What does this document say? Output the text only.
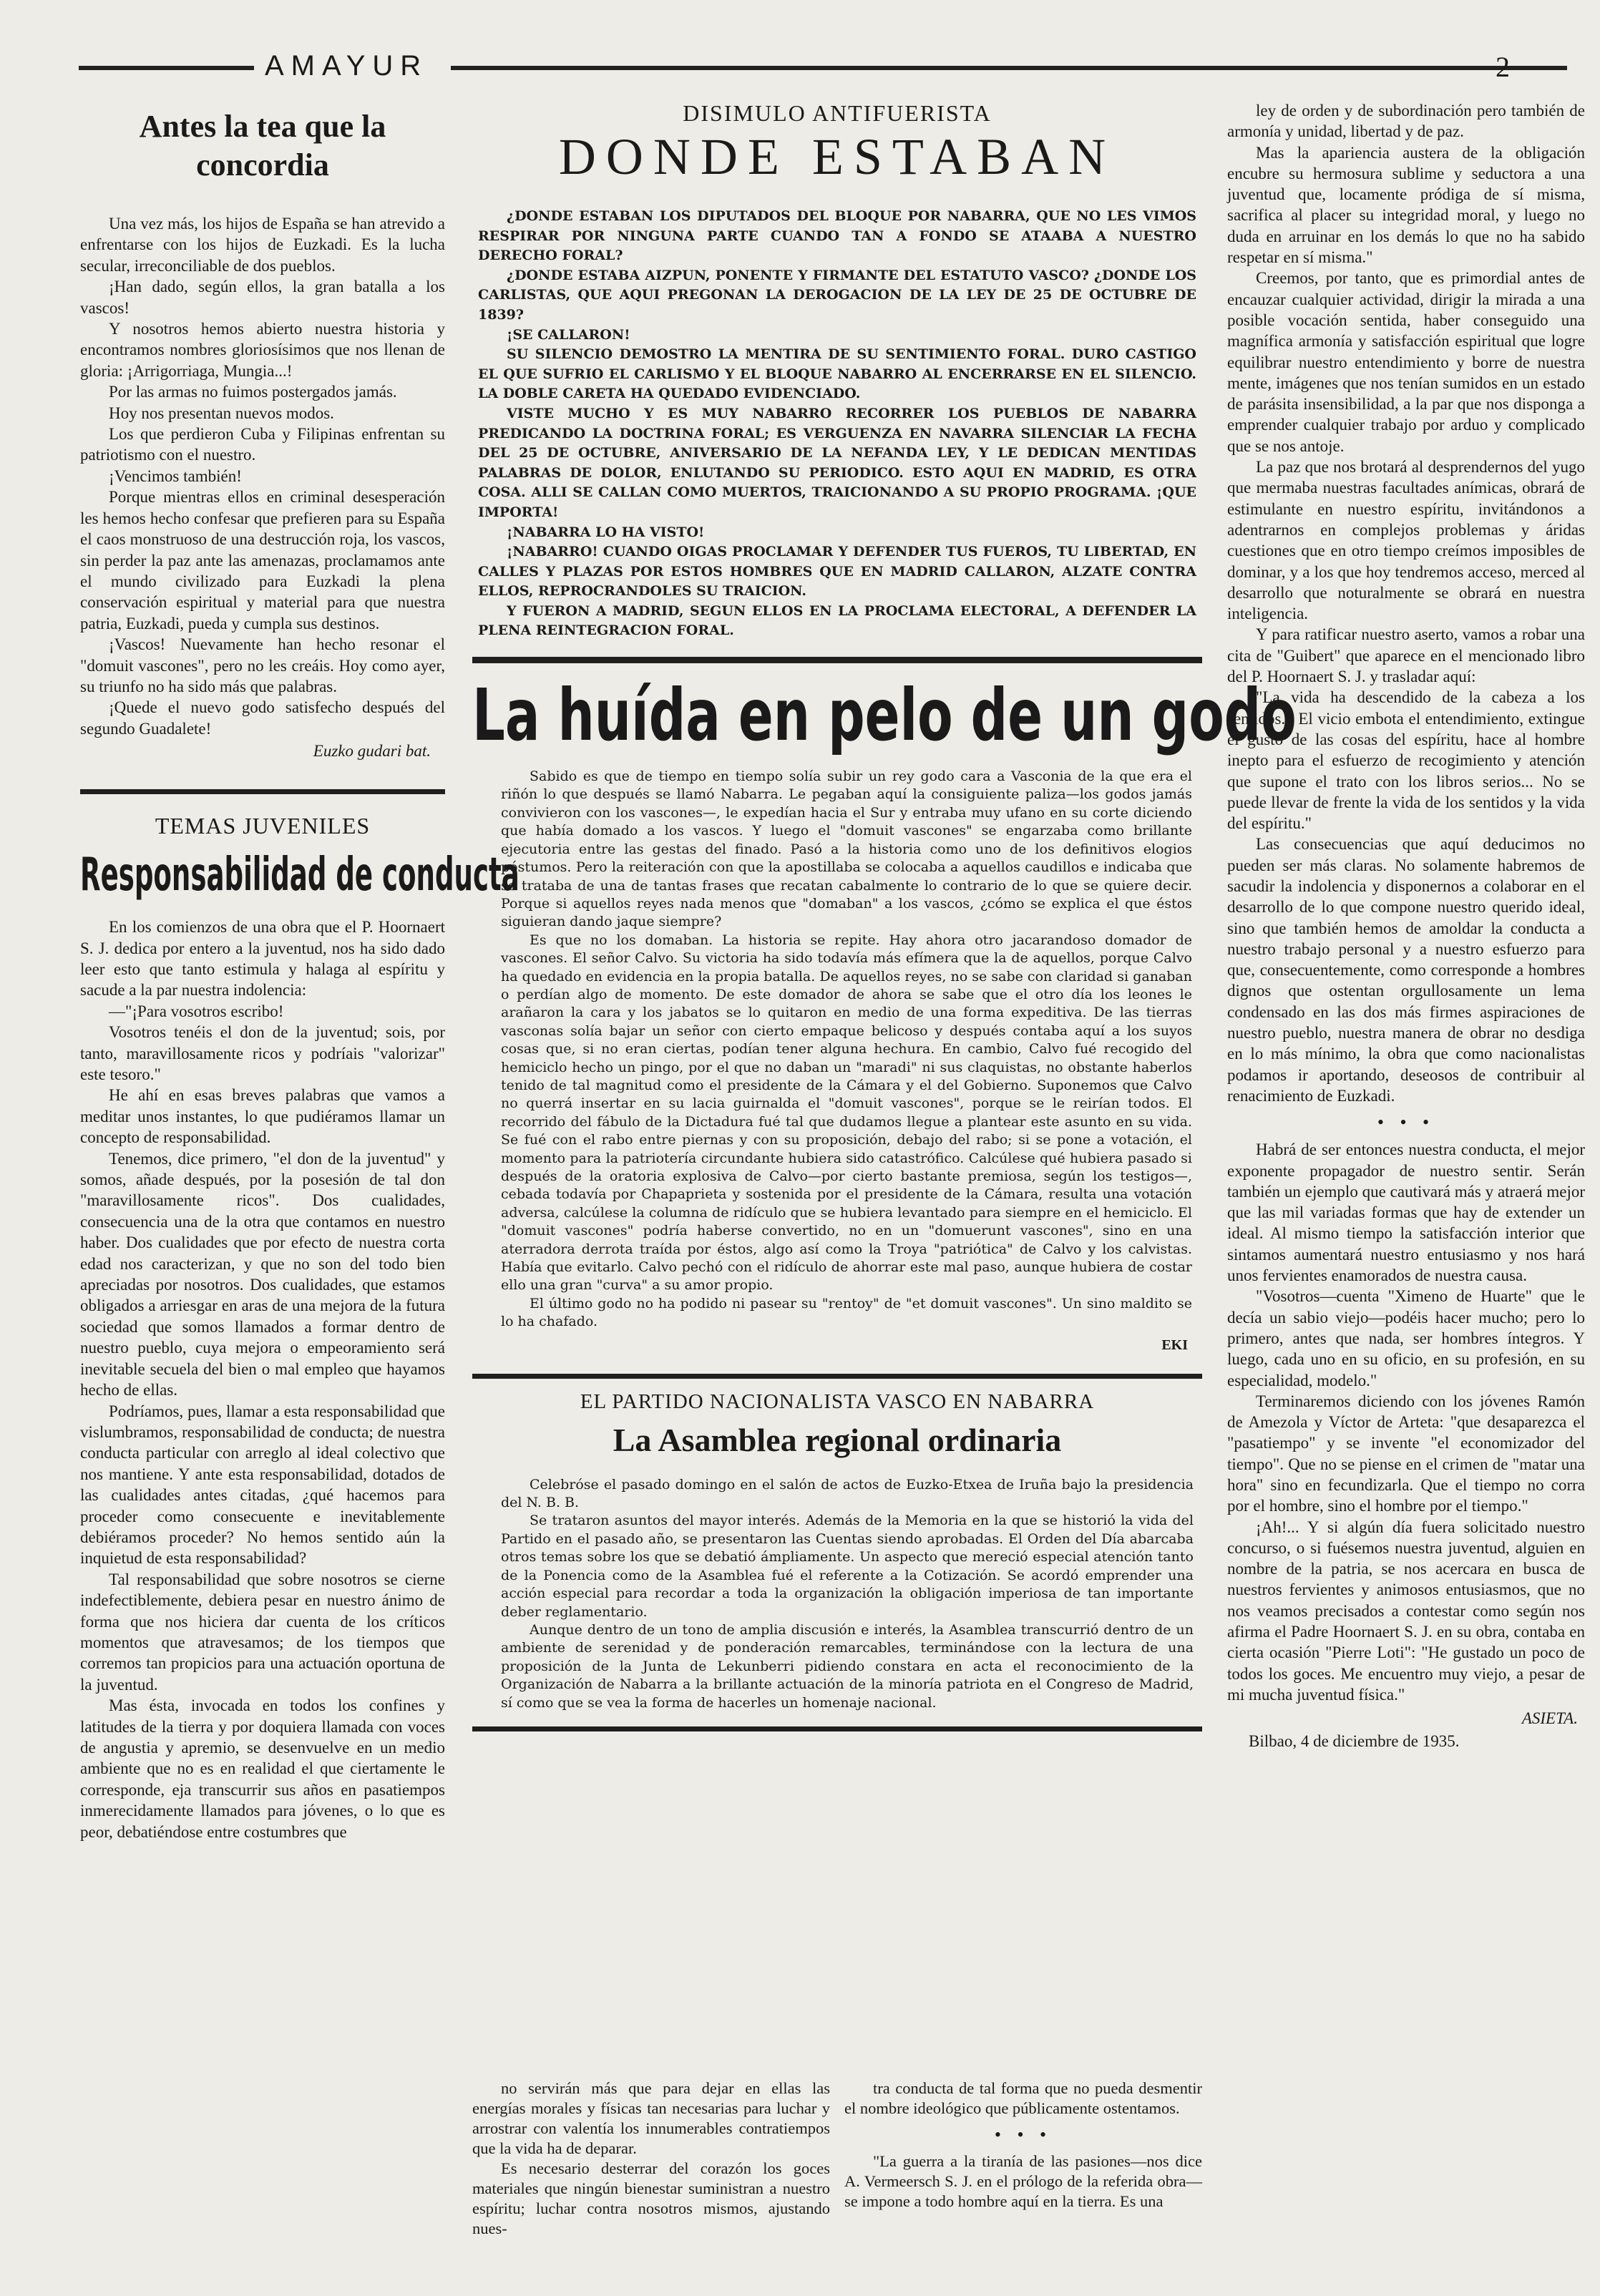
AMAYUR	2
Antes la tea que la concordia

Una vez más, los hijos de España se han atrevido a enfrentarse con los hijos de Euzkadi. Es la lucha secular, irreconciliable de dos pueblos.

¡Han dado, según ellos, la gran batalla a los vascos!

Y nosotros hemos abierto nuestra historia y encontramos nombres gloriosísimos que nos llenan de gloria: ¡Arrigorriaga, Mungia...!

Por las armas no fuimos postergados jamás.

Hoy nos presentan nuevos modos.

Los que perdieron Cuba y Filipinas enfrentan su patriotismo con el nuestro.

¡Vencimos también!

Porque mientras ellos en criminal desesperación les hemos hecho confesar que prefieren para su España el caos monstruoso de una destrucción roja, los vascos, sin perder la paz ante las amenazas, proclamamos ante el mundo civilizado para Euzkadi la plena conservación espiritual y material para que nuestra patria, Euzkadi, pueda y cumpla sus destinos.

¡Vascos! Nuevamente han hecho resonar el "domuit vascones", pero no les creáis. Hoy como ayer, su triunfo no ha sido más que palabras.

¡Quede el nuevo godo satisfecho después del segundo Guadalete!

Euzko gudari bat.
TEMAS JUVENILES
Responsabilidad de conducta

En los comienzos de una obra que el P. Hoornaert S. J. dedica por entero a la juventud, nos ha sido dado leer esto que tanto estimula y halaga al espíritu y sacude a la par nuestra indolencia:

—"¡Para vosotros escribo!

Vosotros tenéis el don de la juventud; sois, por tanto, maravillosamente ricos y podríais "valorizar" este tesoro."

He ahí en esas breves palabras que vamos a meditar unos instantes, lo que pudiéramos llamar un concepto de responsabilidad.

Tenemos, dice primero, "el don de la juventud" y somos, añade después, por la posesión de tal don "maravillosamente ricos". Dos cualidades, consecuencia una de la otra que contamos en nuestro haber. Dos cualidades que por efecto de nuestra corta edad nos caracterizan, y que no son del todo bien apreciadas por nosotros. Dos cualidades, que estamos obligados a arriesgar en aras de una mejora de la futura sociedad que somos llamados a formar dentro de nuestro pueblo, cuya mejora o empeoramiento será inevitable secuela del bien o mal empleo que hayamos hecho de ellas.

Podríamos, pues, llamar a esta responsabilidad que vislumbramos, responsabilidad de conducta; de nuestra conducta particular con arreglo al ideal colectivo que nos mantiene. Y ante esta responsabilidad, dotados de las cualidades antes citadas, ¿qué hacemos para proceder como consecuente e inevitablemente debiéramos proceder? No hemos sentido aún la inquietud de esta responsabilidad?

Tal responsabilidad que sobre nosotros se cierne indefectiblemente, debiera pesar en nuestro ánimo de forma que nos hiciera dar cuenta de los críticos momentos que atravesamos; de los tiempos que corremos tan propicios para una actuación oportuna de la juventud.

Mas ésta, invocada en todos los confines y latitudes de la tierra y por doquiera llamada con voces de angustia y apremio, se desenvuelve en un medio ambiente que no es en realidad el que ciertamente le corresponde, eja transcurrir sus años en pasatiempos inmerecidamente llamados para jóvenes, o lo que es peor, debatiéndose entre costumbres que

DISIMULO ANTIFUERISTA
DONDE ESTABAN

¿DONDE ESTABAN LOS DIPUTADOS DEL BLOQUE POR NABARRA, QUE NO LES VIMOS RESPIRAR POR NINGUNA PARTE CUANDO TAN A FONDO SE ATAABA A NUESTRO DERECHO FORAL?

¿DONDE ESTABA AIZPUN, PONENTE Y FIRMANTE DEL ESTATUTO VASCO? ¿DONDE LOS CARLISTAS, QUE AQUI PREGONAN LA DEROGACION DE LA LEY DE 25 DE OCTUBRE DE 1839?

¡SE CALLARON!

SU SILENCIO DEMOSTRO LA MENTIRA DE SU SENTIMIENTO FORAL. DURO CASTIGO EL QUE SUFRIO EL CARLISMO Y EL BLOQUE NABARRO AL ENCERRARSE EN EL SILENCIO. LA DOBLE CARETA HA QUEDADO EVIDENCIADO.

VISTE MUCHO Y ES MUY NABARRO RECORRER LOS PUEBLOS DE NABARRA PREDICANDO LA DOCTRINA FORAL; ES VERGUENZA EN NAVARRA SILENCIAR LA FECHA DEL 25 DE OCTUBRE, ANIVERSARIO DE LA NEFANDA LEY, Y LE DEDICAN MENTIDAS PALABRAS DE DOLOR, ENLUTANDO SU PERIODICO. ESTO AQUI EN MADRID, ES OTRA COSA. ALLI SE CALLAN COMO MUERTOS, TRAICIONANDO A SU PROPIO PROGRAMA. ¡QUE IMPORTA!

¡NABARRA LO HA VISTO!

¡NABARRO! CUANDO OIGAS PROCLAMAR Y DEFENDER TUS FUEROS, TU LIBERTAD, EN CALLES Y PLAZAS POR ESTOS HOMBRES QUE EN MADRID CALLARON, ALZATE CONTRA ELLOS, REPROCRANDOLES SU TRAICION.

Y FUERON A MADRID, SEGUN ELLOS EN LA PROCLAMA ELECTORAL, A DEFENDER LA PLENA REINTEGRACION FORAL.

La huída en pelo de un godo

Sabido es que de tiempo en tiempo solía subir un rey godo cara a Vasconia de la que era el riñón lo que después se llamó Nabarra. Le pegaban aquí la consiguiente paliza—los godos jamás convivieron con los vascones—, le expedían hacia el Sur y entraba muy ufano en su corte diciendo que había domado a los vascos. Y luego el "domuit vascones" se engarzaba como brillante ejecutoria entre las gestas del finado. Pasó a la historia como uno de los definitivos elogios póstumos. Pero la reiteración con que la apostillaba se colocaba a aquellos caudillos e indicaba que se trataba de una de tantas frases que recatan cabalmente lo contrario de lo que se quiere decir. Porque si aquellos reyes nada menos que "domaban" a los vascos, ¿cómo se explica el que éstos siguieran dando jaque siempre?

Es que no los domaban. La historia se repite. Hay ahora otro jacarandoso domador de vascones. El señor Calvo. Su victoria ha sido todavía más efímera que la de aquellos, porque Calvo ha quedado en evidencia en la propia batalla. De aquellos reyes, no se sabe con claridad si ganaban o perdían algo de momento. De este domador de ahora se sabe que el otro día los leones le arañaron la cara y los jabatos se lo quitaron en medio de una forma expeditiva. De las tierras vasconas solía bajar un señor con cierto empaque belicoso y después contaba aquí a los suyos cosas que, si no eran ciertas, podían tener alguna hechura. En cambio, Calvo fué recogido del hemiciclo hecho un pingo, por el que no daban un "maradi" ni sus claquistas, no obstante haberlos tenido de tal magnitud como el presidente de la Cámara y el del Gobierno. Suponemos que Calvo no querrá insertar en su lacia guirnalda el "domuit vascones", porque se le reirían todos. El recorrido del fábulo de la Dictadura fué tal que dudamos llegue a plantear este asunto en su vida. Se fué con el rabo entre piernas y con su proposición, debajo del rabo; si se pone a votación, el momento para la patriotería circundante hubiera sido catastrófico. Calcúlese qué hubiera pasado si después de la oratoria explosiva de Calvo—por cierto bastante premiosa, según los testigos—, cebada todavía por Chapaprieta y sostenida por el presidente de la Cámara, resulta una votación adversa, calcúlese la columna de ridículo que se hubiera levantado para siempre en el hemiciclo. El "domuit vascones" podría haberse convertido, no en un "domuerunt vascones", sino en una aterradora derrota traída por éstos, algo así como la Troya "patriótica" de Calvo y los calvistas. Había que evitarlo. Calvo pechó con el ridículo de ahorrar este mal paso, aunque hubiera de costar ello una gran "curva" a su amor propio.

El último godo no ha podido ni pasear su "rentoy" de "et domuit vascones". Un sino maldito se lo ha chafado.

EKI
EL PARTIDO NACIONALISTA VASCO EN NABARRA
La Asamblea regional ordinaria

Celebróse el pasado domingo en el salón de actos de Euzko-Etxea de Iruña bajo la presidencia del N. B. B.

Se trataron asuntos del mayor interés. Además de la Memoria en la que se historió la vida del Partido en el pasado año, se presentaron las Cuentas siendo aprobadas. El Orden del Día abarcaba otros temas sobre los que se debatió ámpliamente. Un aspecto que mereció especial atención tanto de la Ponencia como de la Asamblea fué el referente a la Cotización. Se acordó emprender una acción especial para recordar a toda la organización la obligación imperiosa de tan importante deber reglamentario.

Aunque dentro de un tono de amplia discusión e interés, la Asamblea transcurrió dentro de un ambiente de serenidad y de ponderación remarcables, terminándose con la lectura de una proposición de la Junta de Lekunberri pidiendo constara en acta el reconocimiento de la Organización de Nabarra a la brillante actuación de la minoría patriota en el Congreso de Madrid, sí como que se vea la forma de hacerles un homenaje nacional.

no servirán más que para dejar en ellas las energías morales y físicas tan necesarias para luchar y arrostrar con valentía los innumerables contratiempos que la vida ha de deparar.

Es necesario desterrar del corazón los goces materiales que ningún bienestar suministran a nuestro espíritu; luchar contra nosotros mismos, ajustando nues-

tra conducta de tal forma que no pueda desmentir el nombre ideológico que públicamente ostentamos.

• • •

"La guerra a la tiranía de las pasiones—nos dice A. Vermeersch S. J. en el prólogo de la referida obra—se impone a todo hombre aquí en la tierra. Es una

ley de orden y de subordinación pero también de armonía y unidad, libertad y de paz.

Mas la apariencia austera de la obligación encubre su hermosura sublime y seductora a una juventud que, locamente pródiga de sí misma, sacrifica al placer su integridad moral, y luego no duda en arruinar en los demás lo que no ha sabido respetar en sí misma."

Creemos, por tanto, que es primordial antes de encauzar cualquier actividad, dirigir la mirada a una posible vocación sentida, haber conseguido una magnífica armonía y satisfacción espiritual que logre equilibrar nuestro entendimiento y borre de nuestra mente, imágenes que nos tenían sumidos en un estado de parásita insensibilidad, a la par que nos disponga a emprender cualquier trabajo por arduo y complicado que se nos antoje.

La paz que nos brotará al desprendernos del yugo que mermaba nuestras facultades anímicas, obrará de estimulante en nuestro espíritu, invitándonos a adentrarnos en complejos problemas y áridas cuestiones que en otro tiempo creímos imposibles de dominar, y a los que hoy tendremos acceso, merced al desarrollo que noturalmente se obrará en nuestra inteligencia.

Y para ratificar nuestro aserto, vamos a robar una cita de "Guibert" que aparece en el mencionado libro del P. Hoornaert S. J. y trasladar aquí:

"La vida ha descendido de la cabeza a los sentidos... El vicio embota el entendimiento, extingue el gusto de las cosas del espíritu, hace al hombre inepto para el esfuerzo de recogimiento y atención que supone el trato con los libros serios... No se puede llevar de frente la vida de los sentidos y la vida del espíritu."

Las consecuencias que aquí deducimos no pueden ser más claras. No solamente habremos de sacudir la indolencia y disponernos a colaborar en el desarrollo de lo que compone nuestro querido ideal, sino que también hemos de amoldar la conducta a nuestro trabajo personal y a nuestro esfuerzo para que, consecuentemente, como corresponde a hombres dignos que ostentan orgullosamente un lema condensado en las dos más firmes aspiraciones de nuestro pueblo, nuestra manera de obrar no desdiga en lo más mínimo, la obra que como nacionalistas podamos ir aportando, deseosos de contribuir al renacimiento de Euzkadi.

• • •

Habrá de ser entonces nuestra conducta, el mejor exponente propagador de nuestro sentir. Serán también un ejemplo que cautivará más y atraerá mejor que las mil variadas formas que hay de extender un ideal. Al mismo tiempo la satisfacción interior que sintamos aumentará nuestro entusiasmo y nos hará unos fervientes enamorados de nuestra causa.

"Vosotros—cuenta "Ximeno de Huarte" que le decía un sabio viejo—podéis hacer mucho; pero lo primero, antes que nada, ser hombres íntegros. Y luego, cada uno en su oficio, en su profesión, en su especialidad, modelo."

Terminaremos diciendo con los jóvenes Ramón de Amezola y Víctor de Arteta: "que desaparezca el "pasatiempo" y se invente "el economizador del tiempo". Que no se piense en el crimen de "matar una hora" sino en fecundizarla. Que el tiempo no corra por el hombre, sino el hombre por el tiempo."

¡Ah!... Y si algún día fuera solicitado nuestro concurso, o si fuésemos nuestra juventud, alguien en nombre de la patria, se nos acercara en busca de nuestros fervientes y animosos entusiasmos, que no nos veamos precisados a contestar como según nos afirma el Padre Hoornaert S. J. en su obra, contaba en cierta ocasión "Pierre Loti": "He gustado un poco de todos los goces. Me encuentro muy viejo, a pesar de mi mucha juventud física."

ASIETA.
Bilbao, 4 de diciembre de 1935.
